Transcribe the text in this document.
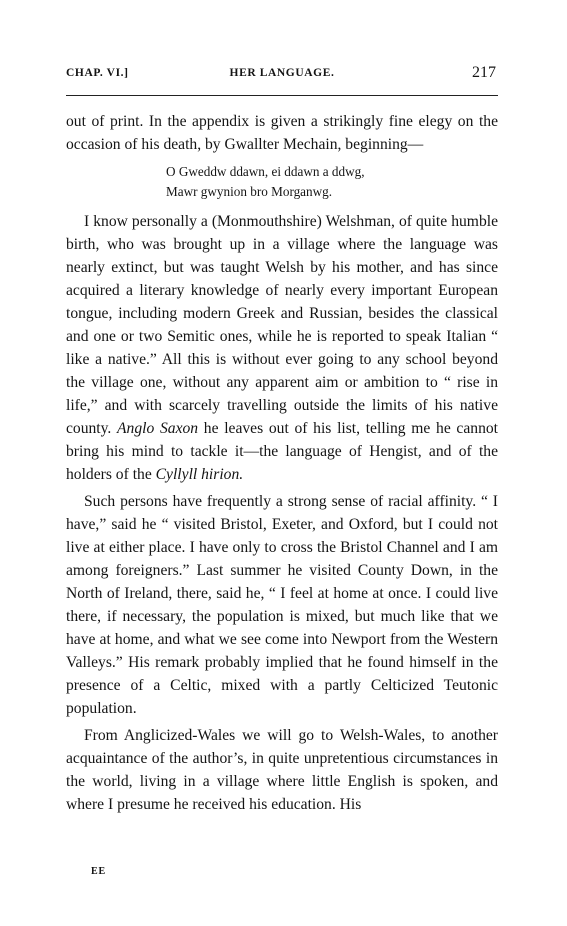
CHAP. VI.]	HER LANGUAGE.	217

out of print. In the appendix is given a strikingly fine elegy on the occasion of his death, by Gwallter Mechain, beginning—

O Gweddw ddawn, ei ddawn a ddwg,
Mawr gwynion bro Morganwg.

I know personally a (Monmouthshire) Welshman, of quite humble birth, who was brought up in a village where the language was nearly extinct, but was taught Welsh by his mother, and has since acquired a literary knowledge of nearly every important European tongue, including modern Greek and Russian, besides the classical and one or two Semitic ones, while he is reported to speak Italian “ like a native.” All this is without ever going to any school beyond the village one, without any apparent aim or ambition to “ rise in life,” and with scarcely travelling outside the limits of his native county. Anglo Saxon he leaves out of his list, telling me he cannot bring his mind to tackle it—the language of Hengist, and of the holders of the Cyllyll hirion.

Such persons have frequently a strong sense of racial affinity. “ I have,” said he “ visited Bristol, Exeter, and Oxford, but I could not live at either place. I have only to cross the Bristol Channel and I am among foreigners.” Last summer he visited County Down, in the North of Ireland, there, said he, “ I feel at home at once. I could live there, if necessary, the population is mixed, but much like that we have at home, and what we see come into Newport from the Western Valleys.” His remark probably implied that he found himself in the presence of a Celtic, mixed with a partly Celticized Teutonic population.

From Anglicized-Wales we will go to Welsh-Wales, to another acquaintance of the author’s, in quite unpretentious circumstances in the world, living in a village where little English is spoken, and where I presume he received his education. His

EE
